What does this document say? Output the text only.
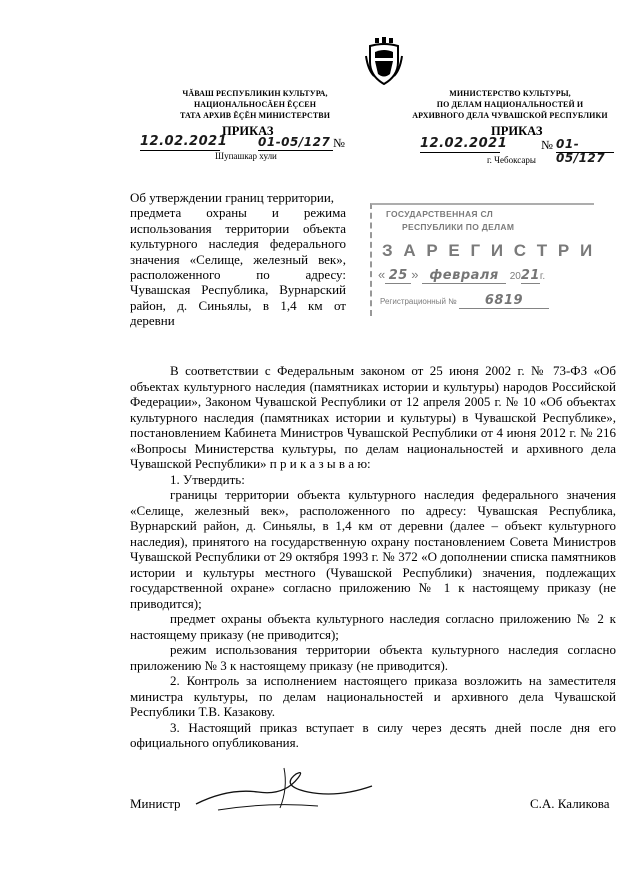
ЧĂВАШ РЕСПУБЛИКИН КУЛЬТУРА,
НАЦИОНАЛЬНОСĂЕН ĔÇСЕН
ТАТА АРХИВ ĔÇĔН МИНИСТЕРСТВИ
МИНИСТЕРСТВО КУЛЬТУРЫ,
ПО ДЕЛАМ НАЦИОНАЛЬНОСТЕЙ И
АРХИВНОГО ДЕЛА ЧУВАШСКОЙ РЕСПУБЛИКИ
ПРИКАЗ
12.02.2021	01-05/127 №
Шупашкар хули
ПРИКАЗ
12.02.2021	№ 01-05/127
г. Чебоксары
Об утверждении границ территории,
предмета охраны и режима
использования территории объекта
культурного наследия федерального
значения «Селище, железный век»,
расположенного по адресу:
Чувашская Республика, Вурнарский
район, д. Синьялы, в 1,4 км от
деревни
ГОСУДАРСТВЕННАЯ СЛ
РЕСПУБЛИКИ ПО ДЕЛАМ
З А Р Е Г И С Т Р И
« 25 » февраля 2021г.
Регистрационный № 6819

В соответствии с Федеральным законом от 25 июня 2002 г. № 73-ФЗ «Об объектах культурного наследия (памятниках истории и культуры) народов Российской Федерации», Законом Чувашской Республики от 12 апреля 2005 г. № 10 «Об объектах культурного наследия (памятниках истории и культуры) в Чувашской Республике», постановлением Кабинета Министров Чувашской Республики от 4 июня 2012 г. № 216 «Вопросы Министерства культуры, по делам национальностей и архивного дела Чувашской Республики» п р и к а з ы в а ю:

1. Утвердить:

границы территории объекта культурного наследия федерального значения «Селище, железный век», расположенного по адресу: Чувашская Республика, Вурнарский район, д. Синьялы, в 1,4 км от деревни (далее – объект культурного наследия), принятого на государственную охрану постановлением Совета Министров Чувашской Республики от 29 октября 1993 г. № 372 «О дополнении списка памятников истории и культуры местного (Чувашской Республики) значения, подлежащих государственной охране» согласно приложению № 1 к настоящему приказу (не приводится);

предмет охраны объекта культурного наследия согласно приложению № 2 к настоящему приказу (не приводится);

режим использования территории объекта культурного наследия согласно приложению № 3 к настоящему приказу (не приводится).

2. Контроль за исполнением настоящего приказа возложить на заместителя министра культуры, по делам национальностей и архивного дела Чувашской Республики Т.В. Казакову.

3. Настоящий приказ вступает в силу через десять дней после дня его официального опубликования.

Министр	С.А. Каликова
